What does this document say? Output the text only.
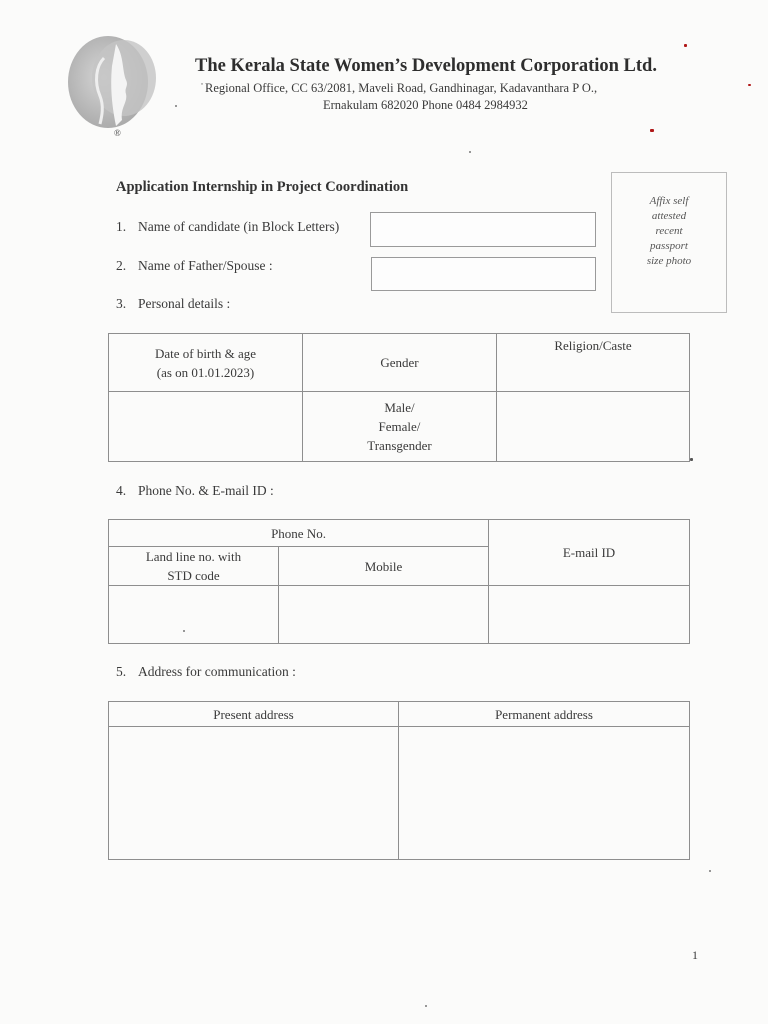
®
The Kerala State Women’s Development Corporation Ltd.
˙ Regional Office, CC 63/2081, Maveli Road, Gandhinagar, Kadavanthara P O.,
Ernakulam 682020 Phone 0484 2984932
Application Internship in Project Coordination
Affix self
attested
recent
passport
size photo
1. Name of candidate (in Block Letters)
2. Name of Father/Spouse :
3. Personal details :
Date of birth & age
(as on 01.01.2023)	Gender	Religion/Caste

	Male/
Female/
Transgender	

4. Phone No. & E-mail ID :
Phone No.		E-mail ID

Land line no. with
STD code	Mobile	

5. Address for communication :
Present address	Permanent address

1
